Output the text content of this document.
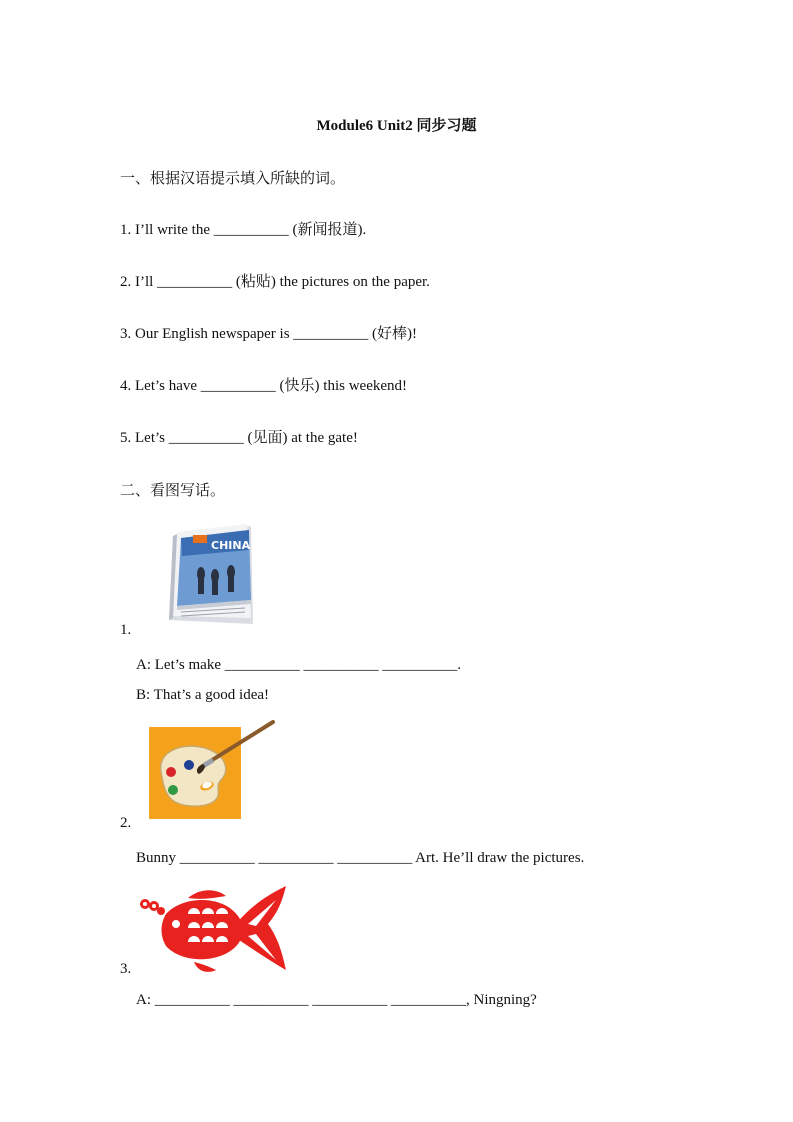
Module6 Unit2 同步习题

一、根据汉语提示填入所缺的词。

1. I’ll write the __________ (新闻报道).

2. I’ll __________ (粘贴) the pictures on the paper.

3. Our English newspaper is __________ (好棒)!

4. Let’s have __________ (快乐) this weekend!

5. Let’s __________ (见面) at the gate!

二、看图写话。

CHINA

1.

A: Let’s make __________ __________ __________.

B: That’s a good idea!

2.

Bunny __________ __________ __________ Art. He’ll draw the pictures.

3.

A: __________ __________ __________ __________, Ningning?
